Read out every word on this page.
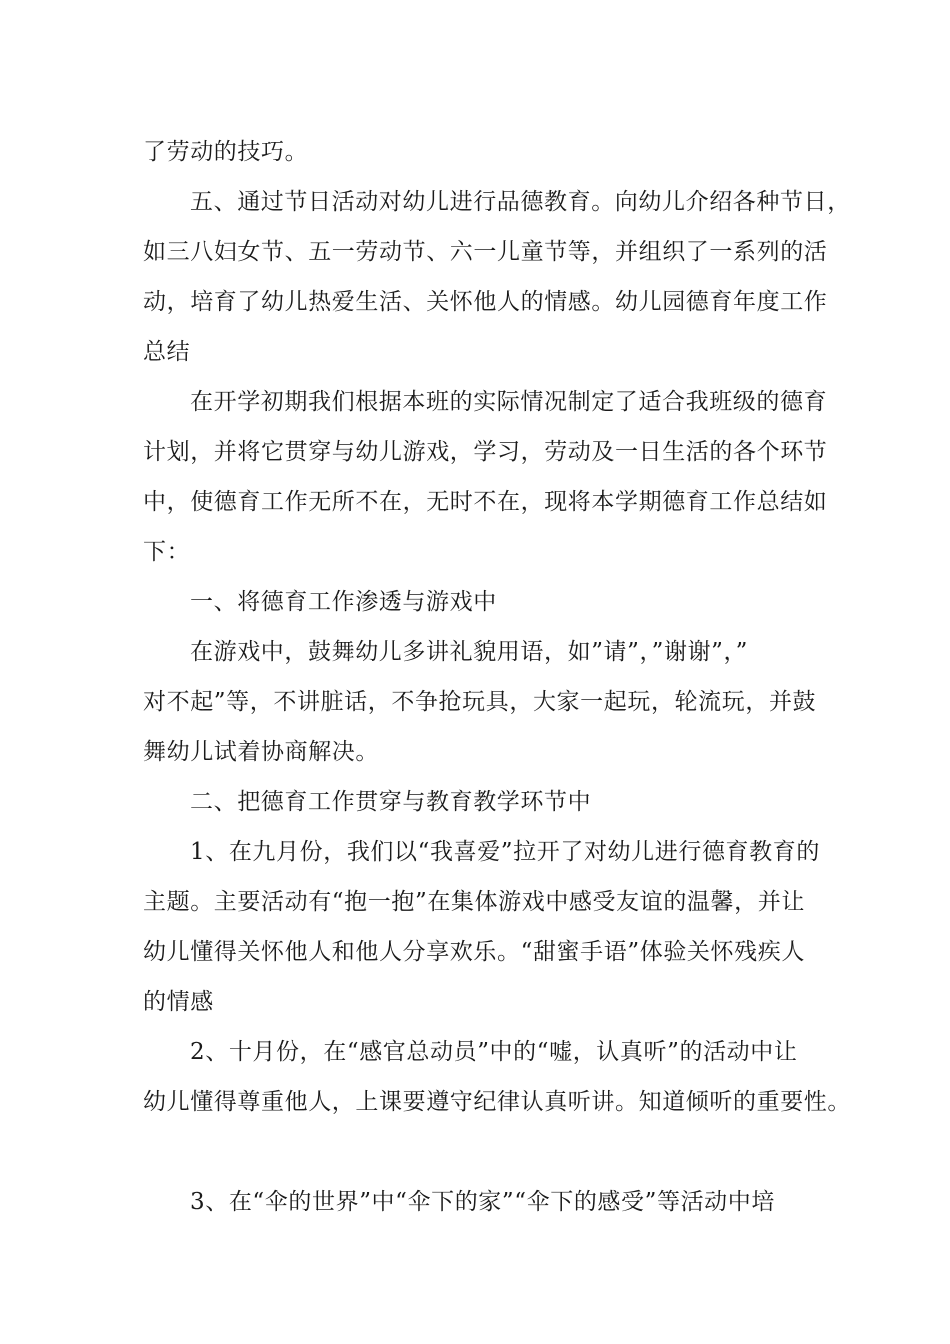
了劳动的技巧。
五、通过节日活动对幼儿进行品德教育。向幼儿介绍各种节日，
如三八妇女节、五一劳动节、六一儿童节等，并组织了一系列的活
动，培育了幼儿热爱生活、关怀他人的情感。幼儿园德育年度工作
总结
在开学初期我们根据本班的实际情况制定了适合我班级的德育
计划，并将它贯穿与幼儿游戏，学习，劳动及一日生活的各个环节
中，使德育工作无所不在，无时不在，现将本学期德育工作总结如
下：
一、将德育工作渗透与游戏中
在游戏中，鼓舞幼儿多讲礼貌用语，如”请”，”谢谢”，”
对不起”等，不讲脏话，不争抢玩具，大家一起玩，轮流玩，并鼓
舞幼儿试着协商解决。
二、把德育工作贯穿与教育教学环节中
1、在九月份，我们以“我喜爱”拉开了对幼儿进行德育教育的
主题。主要活动有“抱一抱”在集体游戏中感受友谊的温馨，并让
幼儿懂得关怀他人和他人分享欢乐。“甜蜜手语”体验关怀残疾人
的情感
2、十月份，在“感官总动员”中的“嘘，认真听”的活动中让
幼儿懂得尊重他人，上课要遵守纪律认真听讲。知道倾听的重要性。
3、在“伞的世界”中“伞下的家”“伞下的感受”等活动中培
